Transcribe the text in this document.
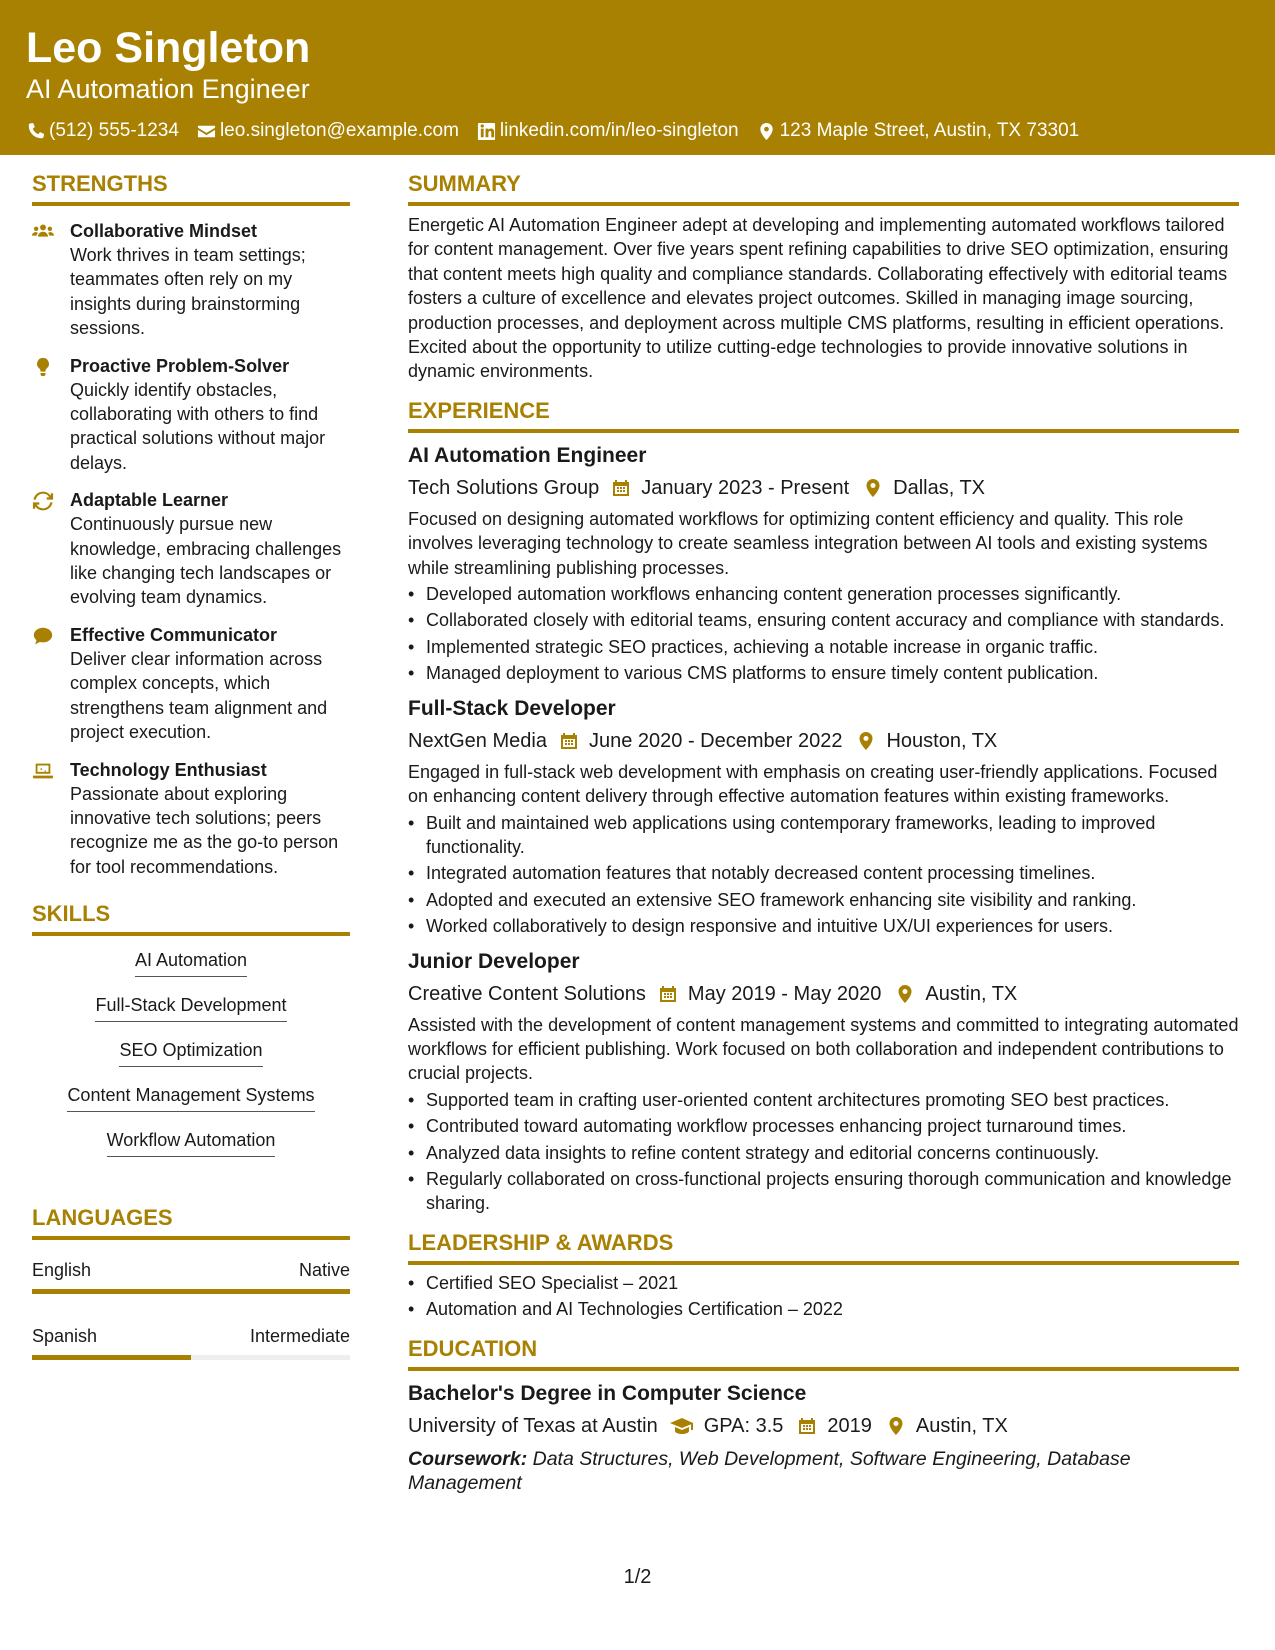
Leo Singleton
AI Automation Engineer
(512) 555-1234 leo.singleton@example.com linkedin.com/in/leo-singleton 123 Maple Street, Austin, TX 73301
STRENGTHS
Collaborative Mindset
Work thrives in team settings; teammates often rely on my insights during brainstorming sessions.
Proactive Problem-Solver
Quickly identify obstacles, collaborating with others to find practical solutions without major delays.
Adaptable Learner
Continuously pursue new knowledge, embracing challenges like changing tech landscapes or evolving team dynamics.
Effective Communicator
Deliver clear information across complex concepts, which strengthens team alignment and project execution.
Technology Enthusiast
Passionate about exploring innovative tech solutions; peers recognize me as the go-to person for tool recommendations.
SKILLS
AI Automation
Full-Stack Development
SEO Optimization
Content Management Systems
Workflow Automation
LANGUAGES
English	Native
Spanish	Intermediate
SUMMARY
Energetic AI Automation Engineer adept at developing and implementing automated workflows tailored for content management. Over five years spent refining capabilities to drive SEO optimization, ensuring that content meets high quality and compliance standards. Collaborating effectively with editorial teams fosters a culture of excellence and elevates project outcomes. Skilled in managing image sourcing, production processes, and deployment across multiple CMS platforms, resulting in efficient operations. Excited about the opportunity to utilize cutting-edge technologies to provide innovative solutions in dynamic environments.
EXPERIENCE
AI Automation Engineer
Tech Solutions Group January 2023 - Present Dallas, TX
Focused on designing automated workflows for optimizing content efficiency and quality. This role involves leveraging technology to create seamless integration between AI tools and existing systems while streamlining publishing processes.
• Developed automation workflows enhancing content generation processes significantly.
• Collaborated closely with editorial teams, ensuring content accuracy and compliance with standards.
• Implemented strategic SEO practices, achieving a notable increase in organic traffic.
• Managed deployment to various CMS platforms to ensure timely content publication.
Full-Stack Developer
NextGen Media June 2020 - December 2022 Houston, TX
Engaged in full-stack web development with emphasis on creating user-friendly applications. Focused on enhancing content delivery through effective automation features within existing frameworks.
• Built and maintained web applications using contemporary frameworks, leading to improved functionality.
• Integrated automation features that notably decreased content processing timelines.
• Adopted and executed an extensive SEO framework enhancing site visibility and ranking.
• Worked collaboratively to design responsive and intuitive UX/UI experiences for users.
Junior Developer
Creative Content Solutions May 2019 - May 2020 Austin, TX
Assisted with the development of content management systems and committed to integrating automated workflows for efficient publishing. Work focused on both collaboration and independent contributions to crucial projects.
• Supported team in crafting user-oriented content architectures promoting SEO best practices.
• Contributed toward automating workflow processes enhancing project turnaround times.
• Analyzed data insights to refine content strategy and editorial concerns continuously.
• Regularly collaborated on cross-functional projects ensuring thorough communication and knowledge sharing.
LEADERSHIP & AWARDS
• Certified SEO Specialist – 2021
• Automation and AI Technologies Certification – 2022
EDUCATION
Bachelor's Degree in Computer Science
University of Texas at Austin GPA: 3.5 2019 Austin, TX
Coursework: Data Structures, Web Development, Software Engineering, Database Management
1/2
